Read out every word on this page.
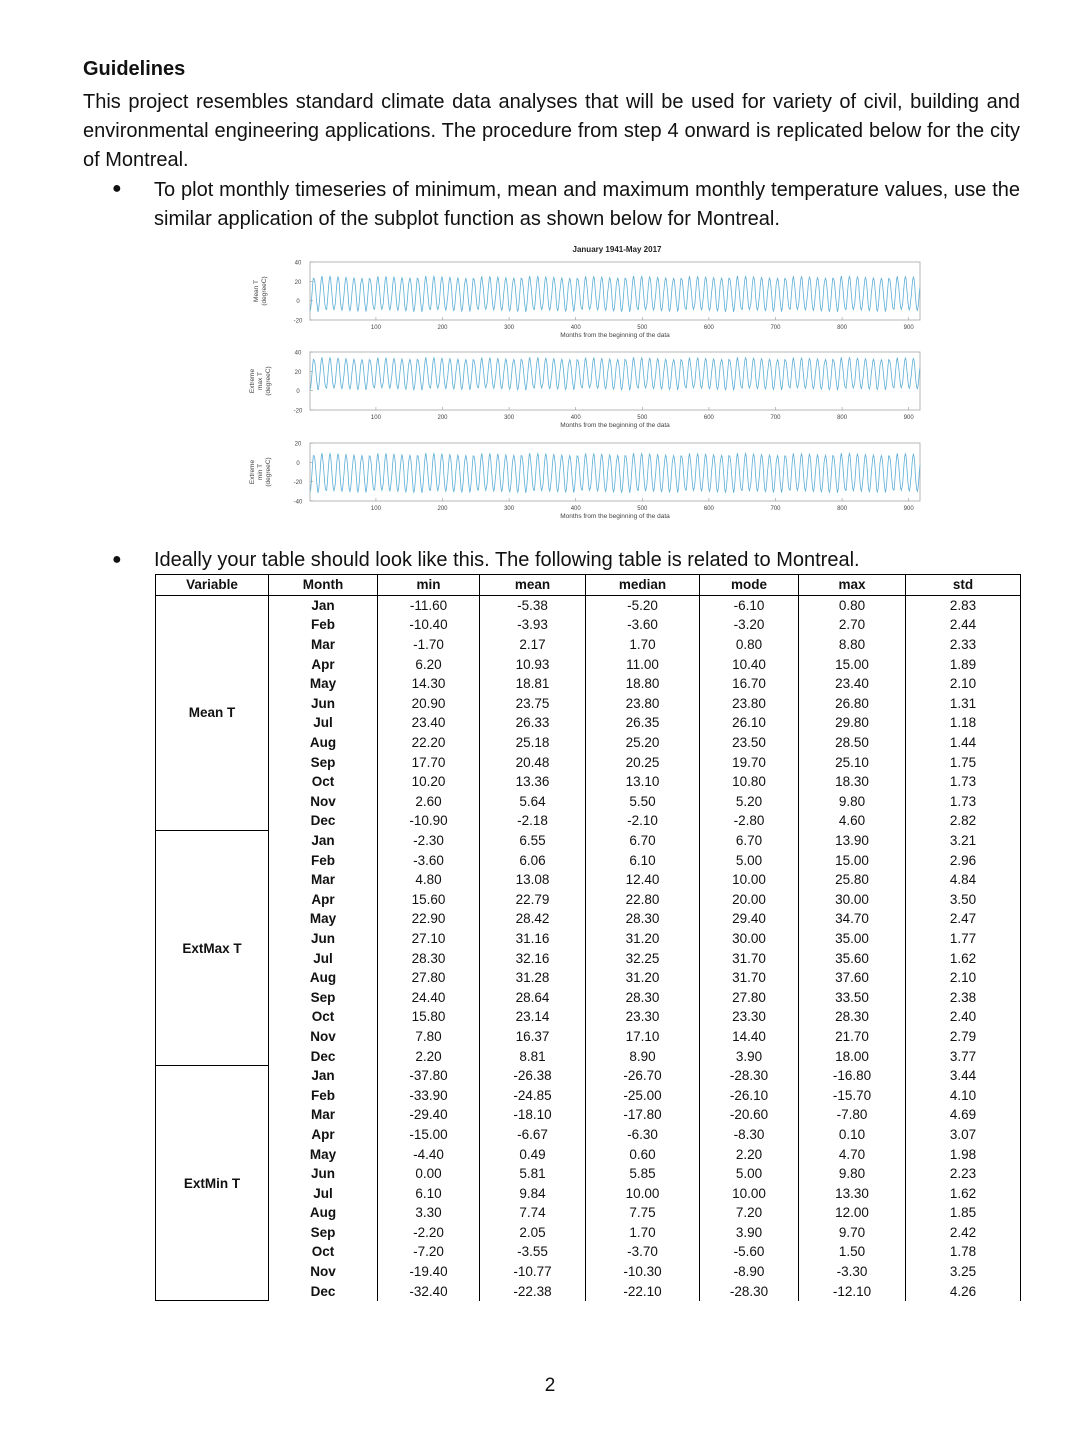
Guidelines
This project resembles standard climate data analyses that will be used for variety of civil, building and environmental engineering applications. The procedure from step 4 onward is replicated below for the city of Montreal.
● To plot monthly timeseries of minimum, mean and maximum monthly temperature values, use the similar application of the subplot function as shown below for Montreal.
January 1941-May 2017
40
20
0
-20
Mean T (degreeC)
100	200	300	400	500	600	700	800	900
Months from the beginning of the data
40
20
0
-20
Extreme max T (degreeC)
100	200	300	400	500	600	700	800	900
Months from the beginning of the data
20
0
-20
-40
Extreme min T (degreeC)
100	200	300	400	500	600	700	800	900
Months from the beginning of the data
● Ideally your table should look like this. The following table is related to Montreal.
Variable	Month	min	mean	median	mode	max	std
Mean T	Jan	-11.60	-5.38	-5.20	-6.10	0.80	2.83
	Feb	-10.40	-3.93	-3.60	-3.20	2.70	2.44
	Mar	-1.70	2.17	1.70	0.80	8.80	2.33
	Apr	6.20	10.93	11.00	10.40	15.00	1.89
	May	14.30	18.81	18.80	16.70	23.40	2.10
	Jun	20.90	23.75	23.80	23.80	26.80	1.31
	Jul	23.40	26.33	26.35	26.10	29.80	1.18
	Aug	22.20	25.18	25.20	23.50	28.50	1.44
	Sep	17.70	20.48	20.25	19.70	25.10	1.75
	Oct	10.20	13.36	13.10	10.80	18.30	1.73
	Nov	2.60	5.64	5.50	5.20	9.80	1.73
	Dec	-10.90	-2.18	-2.10	-2.80	4.60	2.82
ExtMax T	Jan	-2.30	6.55	6.70	6.70	13.90	3.21
	Feb	-3.60	6.06	6.10	5.00	15.00	2.96
	Mar	4.80	13.08	12.40	10.00	25.80	4.84
	Apr	15.60	22.79	22.80	20.00	30.00	3.50
	May	22.90	28.42	28.30	29.40	34.70	2.47
	Jun	27.10	31.16	31.20	30.00	35.00	1.77
	Jul	28.30	32.16	32.25	31.70	35.60	1.62
	Aug	27.80	31.28	31.20	31.70	37.60	2.10
	Sep	24.40	28.64	28.30	27.80	33.50	2.38
	Oct	15.80	23.14	23.30	23.30	28.30	2.40
	Nov	7.80	16.37	17.10	14.40	21.70	2.79
	Dec	2.20	8.81	8.90	3.90	18.00	3.77
ExtMin T	Jan	-37.80	-26.38	-26.70	-28.30	-16.80	3.44
	Feb	-33.90	-24.85	-25.00	-26.10	-15.70	4.10
	Mar	-29.40	-18.10	-17.80	-20.60	-7.80	4.69
	Apr	-15.00	-6.67	-6.30	-8.30	0.10	3.07
	May	-4.40	0.49	0.60	2.20	4.70	1.98
	Jun	0.00	5.81	5.85	5.00	9.80	2.23
	Jul	6.10	9.84	10.00	10.00	13.30	1.62
	Aug	3.30	7.74	7.75	7.20	12.00	1.85
	Sep	-2.20	2.05	1.70	3.90	9.70	2.42
	Oct	-7.20	-3.55	-3.70	-5.60	1.50	1.78
	Nov	-19.40	-10.77	-10.30	-8.90	-3.30	3.25
	Dec	-32.40	-22.38	-22.10	-28.30	-12.10	4.26
2
